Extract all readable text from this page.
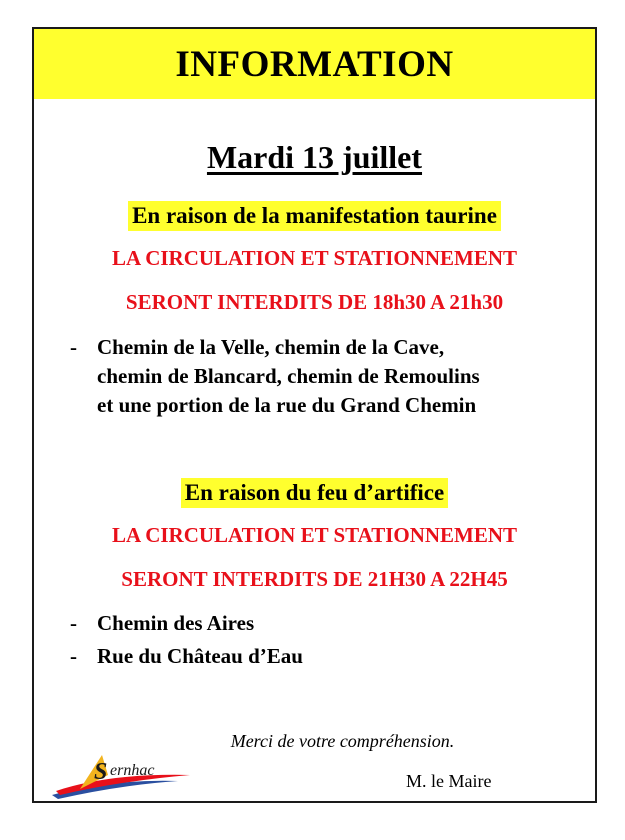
INFORMATION
Mardi 13 juillet
En raison de la manifestation taurine
LA CIRCULATION ET STATIONNEMENT
SERONT INTERDITS DE 18h30 A 21h30
- Chemin de la Velle, chemin de la Cave,
chemin de Blancard, chemin de Remoulins
et une portion de la rue du Grand Chemin
En raison du feu d’artifice
LA CIRCULATION ET STATIONNEMENT
SERONT INTERDITS DE 21H30 A 22H45
- Chemin des Aires
- Rue du Château d’Eau
Merci de votre compréhension.
S ernhac
M. le Maire
